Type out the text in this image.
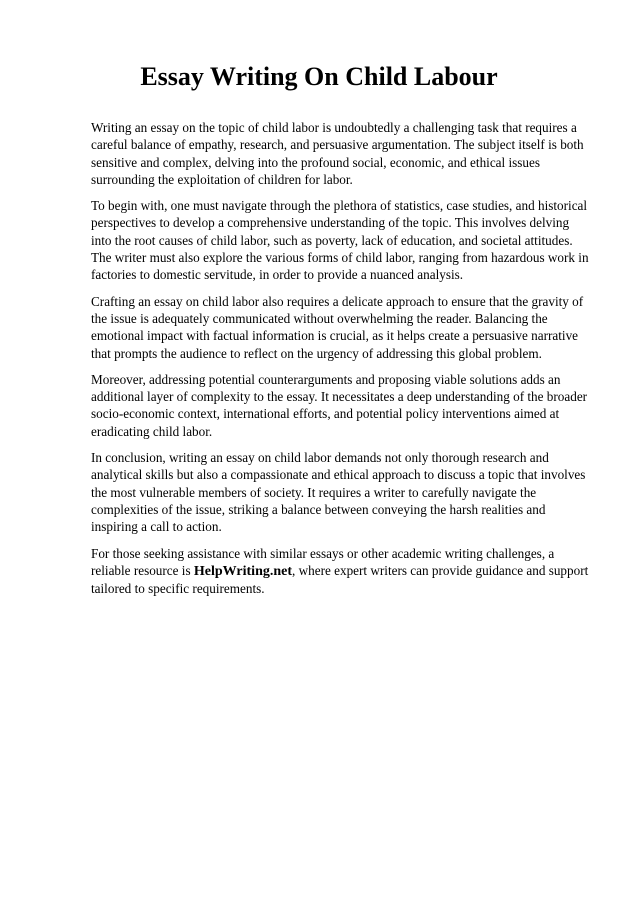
Essay Writing On Child Labour

Writing an essay on the topic of child labor is undoubtedly a challenging task that requires a careful balance of empathy, research, and persuasive argumentation. The subject itself is both sensitive and complex, delving into the profound social, economic, and ethical issues surrounding the exploitation of children for labor.

To begin with, one must navigate through the plethora of statistics, case studies, and historical perspectives to develop a comprehensive understanding of the topic. This involves delving into the root causes of child labor, such as poverty, lack of education, and societal attitudes. The writer must also explore the various forms of child labor, ranging from hazardous work in factories to domestic servitude, in order to provide a nuanced analysis.

Crafting an essay on child labor also requires a delicate approach to ensure that the gravity of the issue is adequately communicated without overwhelming the reader. Balancing the emotional impact with factual information is crucial, as it helps create a persuasive narrative that prompts the audience to reflect on the urgency of addressing this global problem.

Moreover, addressing potential counterarguments and proposing viable solutions adds an additional layer of complexity to the essay. It necessitates a deep understanding of the broader socio-economic context, international efforts, and potential policy interventions aimed at eradicating child labor.

In conclusion, writing an essay on child labor demands not only thorough research and analytical skills but also a compassionate and ethical approach to discuss a topic that involves the most vulnerable members of society. It requires a writer to carefully navigate the complexities of the issue, striking a balance between conveying the harsh realities and inspiring a call to action.

For those seeking assistance with similar essays or other academic writing challenges, a reliable resource is HelpWriting.net, where expert writers can provide guidance and support tailored to specific requirements.
